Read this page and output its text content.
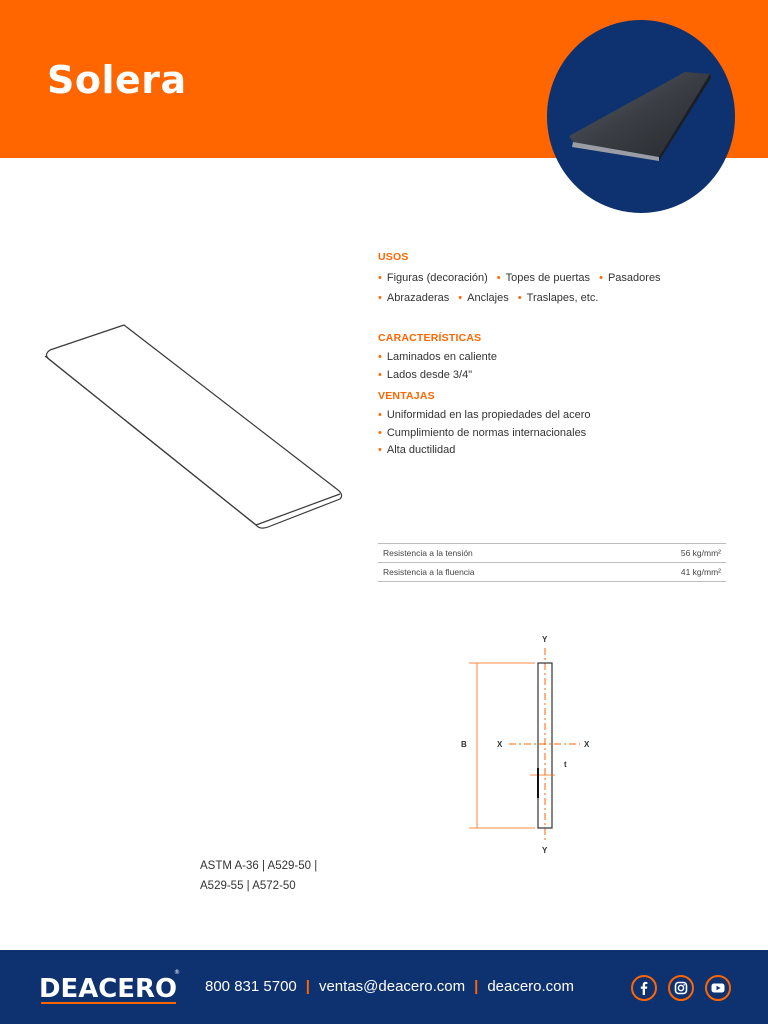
Solera
USOS
• Figuras (decoración) • Topes de puertas • Pasadores
• Abrazaderas • Anclajes • Traslapes, etc.
CARACTERÍSTICAS
• Laminados en caliente
• Lados desde 3/4"
VENTAJAS
• Uniformidad en las propiedades del acero
• Cumplimiento de normas internacionales
• Alta ductilidad
Resistencia a la tensión	56 kg/mm²
Resistencia a la fluencia	41 kg/mm²
Y
Y
X	X
B
t
ASTM A-36 | A529-50 |
A529-55 | A572-50
DEACERO
®
800 831 5700 | ventas@deacero.com | deacero.com
